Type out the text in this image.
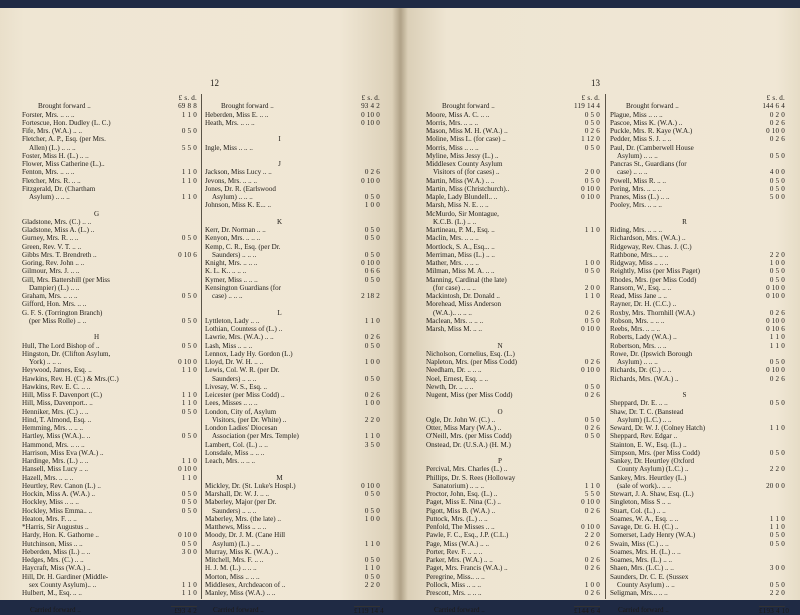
12
£ s. d.
Brought forward ..	69 8 8
Forster, Mrs. .. .. ..	1 1 0
Fortescue, Hon. Dudley (L. C.)
Fife, Mrs. (W.A.) .. ..	0 5 0
Fletcher, A. P., Esq. (per Mrs.
Allen) (L.) .. .. ..	5 5 0
Foster, Miss H. (L.) .. ..
Flower, Miss Catherine (L.)..
Fenton, Mrs. .. .. ..	1 1 0
Fletcher, Mrs. R. .. ..	1 1 0
Fitzgerald, Dr. (Chartham
Asylum) .. .. ..	1 1 0
G
Gladstone, Mrs. (C.) .. ..
Gladstone, Miss A. (L.) ..
Gurney, Mrs. R. .. ..	0 5 0
Green, Rev. V. T. .. ..
Gibbs Mrs. T. Brendreth ..	0 10 6
Goring, Rev. John .. ..
Gilmour, Mrs. J. .. ..
Gill, Mrs. Battershill (per Miss
Dampier) (L.) .. ..
Graham, Mrs. .. .. ..	0 5 0
Gifford, Hon. Mrs. .. ..
G. F. S. (Torrington Branch)
(per Miss Rolle) .. ..	0 5 0
H
Hull, The Lord Bishop of ..	0 5 0
Hingston, Dr. (Clifton Asylum,
York) .. .. ..	0 10 0
Heywood, James, Esq. ..	1 1 0
Hawkins, Rev. H. (C.) & Mrs.(C.)
Hawkins, Rev. E. C. .. ..
Hill, Miss F. Davenport (C.)	1 1 0
Hill, Miss, Davenport.. ..	1 1 0
Henniker, Mrs. (C.) .. ..	0 5 0
Hind, T. Almond, Esq. ..
Hemming, Mrs. .. .. ..
Hartley, Miss (W.A.).. ..	0 5 0
Hammond, Mrs. .. .. ..
Harrison, Miss Eva (W.A.) ..
Hardinge, Mrs. (L.) .. ..	1 1 0
Hansell, Miss Lucy .. ..	0 10 0
Hazell, Mrs. .. .. ..	1 1 0
Heurtley, Rev. Canon (L.) ..
Hockin, Miss A. (W.A.) ..	0 5 0
Hockley, Miss .. .. ..	0 5 0
Hockley, Miss Emma.. ..	0 5 0
Heaton, Mrs. F. .. ..
*Harris, Sir Augustus ..
Hardy, Hon. K. Gathorne ..	0 10 0
Hutchinson, Miss .. ..	0 5 0
Heberden, Miss (L.) .. ..	3 0 0
Hedges, Mrs. (C.) .. ..
Haycraft, Miss (W.A.) ..
Hill, Dr. H. Gardiner (Middle-
sex County Asylum).. ..	1 1 0
Hulbert, M., Esq. .. ..	1 1 0
Carried forward ..	£93 4 2
£ s. d.
Brought forward ..	93 4 2
Heberden, Miss E. .. ..	0 10 0
Heath, Mrs. .. .. ..	0 10 0
I
Ingle, Miss .. .. ..
J
Jackson, Miss Lucy .. ..	0 2 6
Jevons, Mrs. .. .. ..	0 10 0
Jones, Dr. R. (Earlswood
Asylum) .. .. ..	0 5 0
Johnson, Miss K. E... ..	1 0 0
K
Kerr, Dr. Norman .. ..	0 5 0
Kenyon, Mrs. .. .. ..	0 5 0
Kemp, C. R., Esq. (per Dr.
Saunders) .. .. ..	0 5 0
Knight, Mrs. .. .. ..	0 10 0
K. L. K.. .. .. ..	0 6 6
Kymer, Miss .. .. ..	0 5 0
Kensington Guardians (for
case) .. .. ..	2 18 2
L
Lyttleton, Lady .. ..	1 1 0
Lothian, Countess of (L.) ..
Lawrie, Mrs. (W.A.) .. ..	0 2 6
Lash, Miss .. .. ..	0 5 0
Lennox, Lady Hy. Gordon (L.)
Lloyd, Dr. W. H. .. ..	1 0 0
Lewis, Col. W. R. (per Dr.
Saunders) .. .. ..	0 5 0
Livesay, W. S., Esq. ..
Leicester (per Miss Codd) ..	0 2 6
Lees, Misses .. .. ..	1 0 0
London, City of, Asylum
Visitors, (per Dr. White) ..	2 2 0
London Ladies' Diocesan
Association (per Mrs. Temple)	1 1 0
Lambert, Col. (L.) .. ..	3 5 0
Lonsdale, Miss .. .. ..
Leach, Mrs. .. .. ..
M
Mickley, Dr. (St. Luke's Hospl.)	0 10 0
Marshall, Dr. W. J. .. ..	0 5 0
Maberley, Major (per Dr.
Saunders) .. .. ..	0 5 0
Maberley, Mrs. (the late) ..	1 0 0
Matthews, Miss .. .. ..
Moody, Dr. J. M. (Cane Hill
Asylum) (L.) .. ..	1 1 0
Murray, Miss K. (W.A.) ..
Mitchell, Mrs. F. .. ..	0 5 0
H. J. M. (L.) .. .. ..	1 1 0
Morton, Miss .. .. ..	0 5 0
Middlesex, Archdeacon of ..	2 2 0
Manley, Miss (W.A.) .. ..
Carried forward ..	£119 14 4
13
£ s. d.
Brought forward ..	119 14 4
Moore, Miss A. C. .. ..	0 5 0
Morris, Mrs. .. .. ..	0 5 0
Mason, Miss M. H. (W.A.) ..	0 2 6
Moline, Miss L. (for case) ..	1 12 0
Morris, Miss .. .. ..	0 5 0
Myline, Miss Jessy (L.) ..
Middlesex County Asylum
Visitors of (for cases) ..	2 0 0
Martin, Miss (W.A.) .. ..	0 5 0
Martin, Miss (Christchurch)..	0 10 0
Maple, Lady Blundell.. ..	0 10 0
Marsh, Miss N. E. .. ..
McMurdo, Sir Montague,
K.C.B. (L.) .. ..
Martineau, P. M., Esq. ..	1 1 0
Maclin, Mrs. .. .. ..
Mortlock, S. A., Esq... ..
Merriman, Miss (L.) .. ..
Mather, Mrs. .. .. ..	1 0 0
Milman, Miss M. A. .. ..	0 5 0
Manning, Cardinal (the late)
(for case) .. .. ..	2 0 0
Mackintosh, Dr. Donald ..	1 1 0
Morehead, Miss Anderson
(W.A.).. .. .. ..	0 2 6
Maclean, Mrs. .. .. ..	0 5 0
Marsh, Miss M. .. ..	0 10 0
N
Nicholson, Cornelius, Esq. (L.)
Napleton, Mrs. (per Miss Codd)	0 2 6
Needham, Dr. .. .. ..	0 10 0
Noel, Ernest, Esq. .. ..
Newth, Dr. .. .. ..	0 5 0
Nugent, Miss (per Miss Codd)	0 2 6
O
Ogle, Dr. John W. (C.) ..	0 5 0
Otter, Miss Mary (W.A.) ..	0 2 6
O'Neill, Mrs. (per Miss Codd)	0 5 0
Onstead, Dr. (U.S.A.) (H. M.)
P
Percival, Mrs. Charles (L.) ..
Phillips, Dr. S. Rees (Holloway
Sanatorium) .. .. ..	1 1 0
Proctor, John, Esq. (L.) ..	5 5 0
Paget, Miss E. Nina (C.) ..	0 10 0
Pigott, Miss B. (W.A.) ..	0 2 6
Puttock, Mrs. (L.) .. ..
Penfold, The Misses .. ..	0 10 0
Pawle, F. C., Esq., J.P. (C.L.)	2 2 0
Page, Miss (W.A.) .. ..	0 2 6
Porter, Rev. F. .. .. ..
Parker, Mrs. (W.A.) .. ..	0 2 6
Paget, Mrs. Francis (W.A.) ..	0 2 6
Peregrine, Miss.. .. ..
Pollock, Miss .. .. ..	1 0 0
Prescott, Mrs. .. .. ..	0 2 6
Carried forward ..	£144 6 4
£ s. d.
Brought forward ..	144 6 4
Plague, Miss .. .. ..	0 2 0
Pascoe, Miss K. (W.A.) ..	0 2 6
Puckle, Mrs. R. Kaye (W.A.)	0 10 0
Pedder, Miss S. J. .. ..	0 2 6
Paul, Dr. (Camberwell House
Asylum) .. .. ..	0 5 0
Pancras St., Guardians (for
case) .. .. ..	4 0 0
Powell, Miss R. .. ..	0 5 0
Pering, Mrs. .. .. ..	0 5 0
Pranes, Miss (L.) .. ..	5 0 0
Pooley, Mrs. .. .. ..
R
Riding, Mrs. .. .. ..
Richardson, Mrs. (W.A.) ..
Ridgeway, Rev. Chas. J. (C.)
Rathbone, Mrs... .. ..	2 2 0
Ridgway, Miss .. .. ..	1 0 0
Reightly, Miss (per Miss Paget)	0 5 0
Rhodes, Mrs. (per Miss Codd)	0 5 0
Ransom, W., Esq. .. ..	0 10 0
Read, Miss Jane .. ..	0 10 0
Rayner, Dr. H. (C.C.) ..
Roxby, Mrs. Thornhill (W.A.)	0 2 6
Robson, Mrs. .. .. ..	0 10 0
Reebs, Mrs. .. .. ..	0 10 6
Roberts, Lady (W.A.) ..	1 1 0
Robertson, Mrs. .. ..	1 1 0
Rowe, Dr. (Ipswich Borough
Asylum) .. .. ..	0 5 0
Richards, Dr. (C.) .. ..	0 10 0
Richards, Mrs. (W.A.) ..	0 2 6
S
Sheppard, Dr. E. .. ..	0 5 0
Shaw, Dr. T. C. (Banstead
Asylum) (L.C.) .. ..
Seward, Dr. W. J. (Colney Hatch)	1 1 0
Sheppard, Rev. Edgar ..
Stainton, E. W., Esq. (L.) ..
Simpson, Mrs. (per Miss Codd)	0 5 0
Sankey, Dr. Heurtley (Oxford
County Asylum) (L.C.) ..	2 2 0
Sankey, Mrs. Heurtley (L.)
(sale of work).. .. ..	20 0 0
Stewart, J. A. Shaw, Esq. (L.)
Singleton, Miss S .. ..
Stuart, Col. (L.) .. ..
Soames, W. A., Esq. .. ..	1 1 0
Savage, Dr. G. H. (C.) ..	1 1 0
Somerset, Lady Henry (W.A.)	0 5 0
Swain, Miss (C.) .. ..	0 5 0
Soames, Mrs. H. (L.) .. ..
Soames, Mrs. (L.) .. ..
Shaen, Mrs. (L.C.) .. ..	3 0 0
Saunders, Dr. C. E. (Sussex
County Asylum) .. ..	0 5 0
Seligman, Mrs... .. ..	2 2 0
Carried forward ..	£193 4 10
